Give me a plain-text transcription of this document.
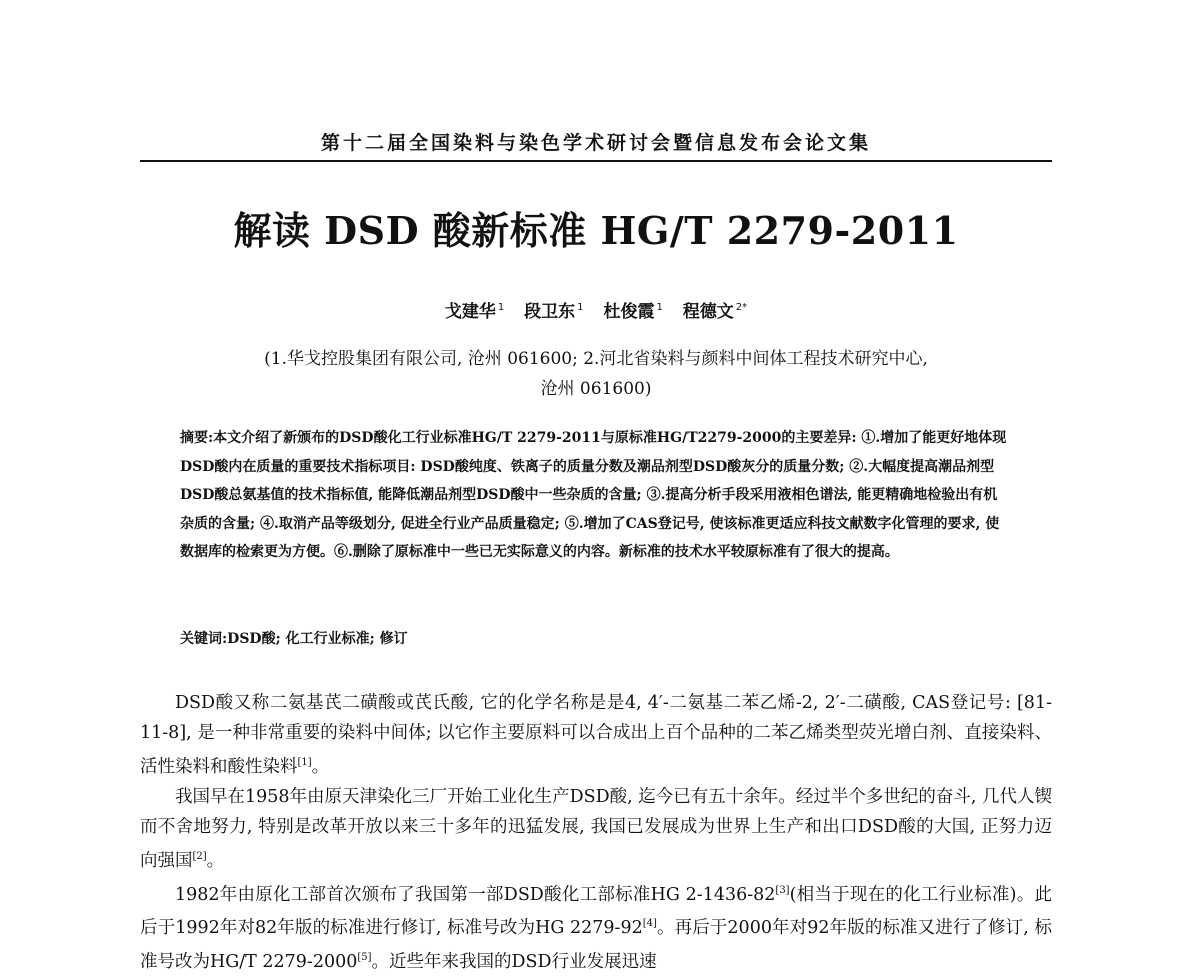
第十二届全国染料与染色学术研讨会暨信息发布会论文集
解读 DSD 酸新标准 HG/T 2279-2011
戈建华 $^1$ 段卫东 $^1$ 杜俊霞 $^1$ 程德文 $^{2*}$
(1.华戈控股集团有限公司, 沧州 061600; 2.河北省染料与颜料中间体工程技术研究中心,
沧州 061600)
摘要:本文介绍了新颁布的DSD酸化工行业标准HG/T 2279-2011与原标准HG/T2279-2000的主要差异: ①.增加了能更好地体现DSD酸内在质量的重要技术指标项目: DSD酸纯度、铁离子的质量分数及潮品剂型DSD酸灰分的质量分数; ②.大幅度提高潮品剂型DSD酸总氨基值的技术指标值, 能降低潮品剂型DSD酸中一些杂质的含量; ③.提高分析手段采用液相色谱法, 能更精确地检验出有机杂质的含量; ④.取消产品等级划分, 促进全行业产品质量稳定; ⑤.增加了CAS登记号, 使该标准更适应科技文献数字化管理的要求, 使数据库的检索更为方便。⑥.删除了原标准中一些已无实际意义的内容。新标准的技术水平较原标准有了很大的提高。
关键词:DSD酸; 化工行业标准; 修订

DSD酸又称二氨基芪二磺酸或芪氏酸, 它的化学名称是是4, 4′-二氨基二苯乙烯-2, 2′-二磺酸, CAS登记号: [81-11-8], 是一种非常重要的染料中间体; 以它作主要原料可以合成出上百个品种的二苯乙烯类型荧光增白剂、直接染料、活性染料和酸性染料[1]。

我国早在1958年由原天津染化三厂开始工业化生产DSD酸, 迄今已有五十余年。经过半个多世纪的奋斗, 几代人锲而不舍地努力, 特别是改革开放以来三十多年的迅猛发展, 我国已发展成为世界上生产和出口DSD酸的大国, 正努力迈向强国[2]。

1982年由原化工部首次颁布了我国第一部DSD酸化工部标准HG 2-1436-82[3](相当于现在的化工行业标准)。此后于1992年对82年版的标准进行修订, 标准号改为HG 2279-92[4]。再后于2000年对92年版的标准又进行了修订, 标准号改为HG/T 2279-2000[5]。近些年来我国的DSD行业发展迅速
